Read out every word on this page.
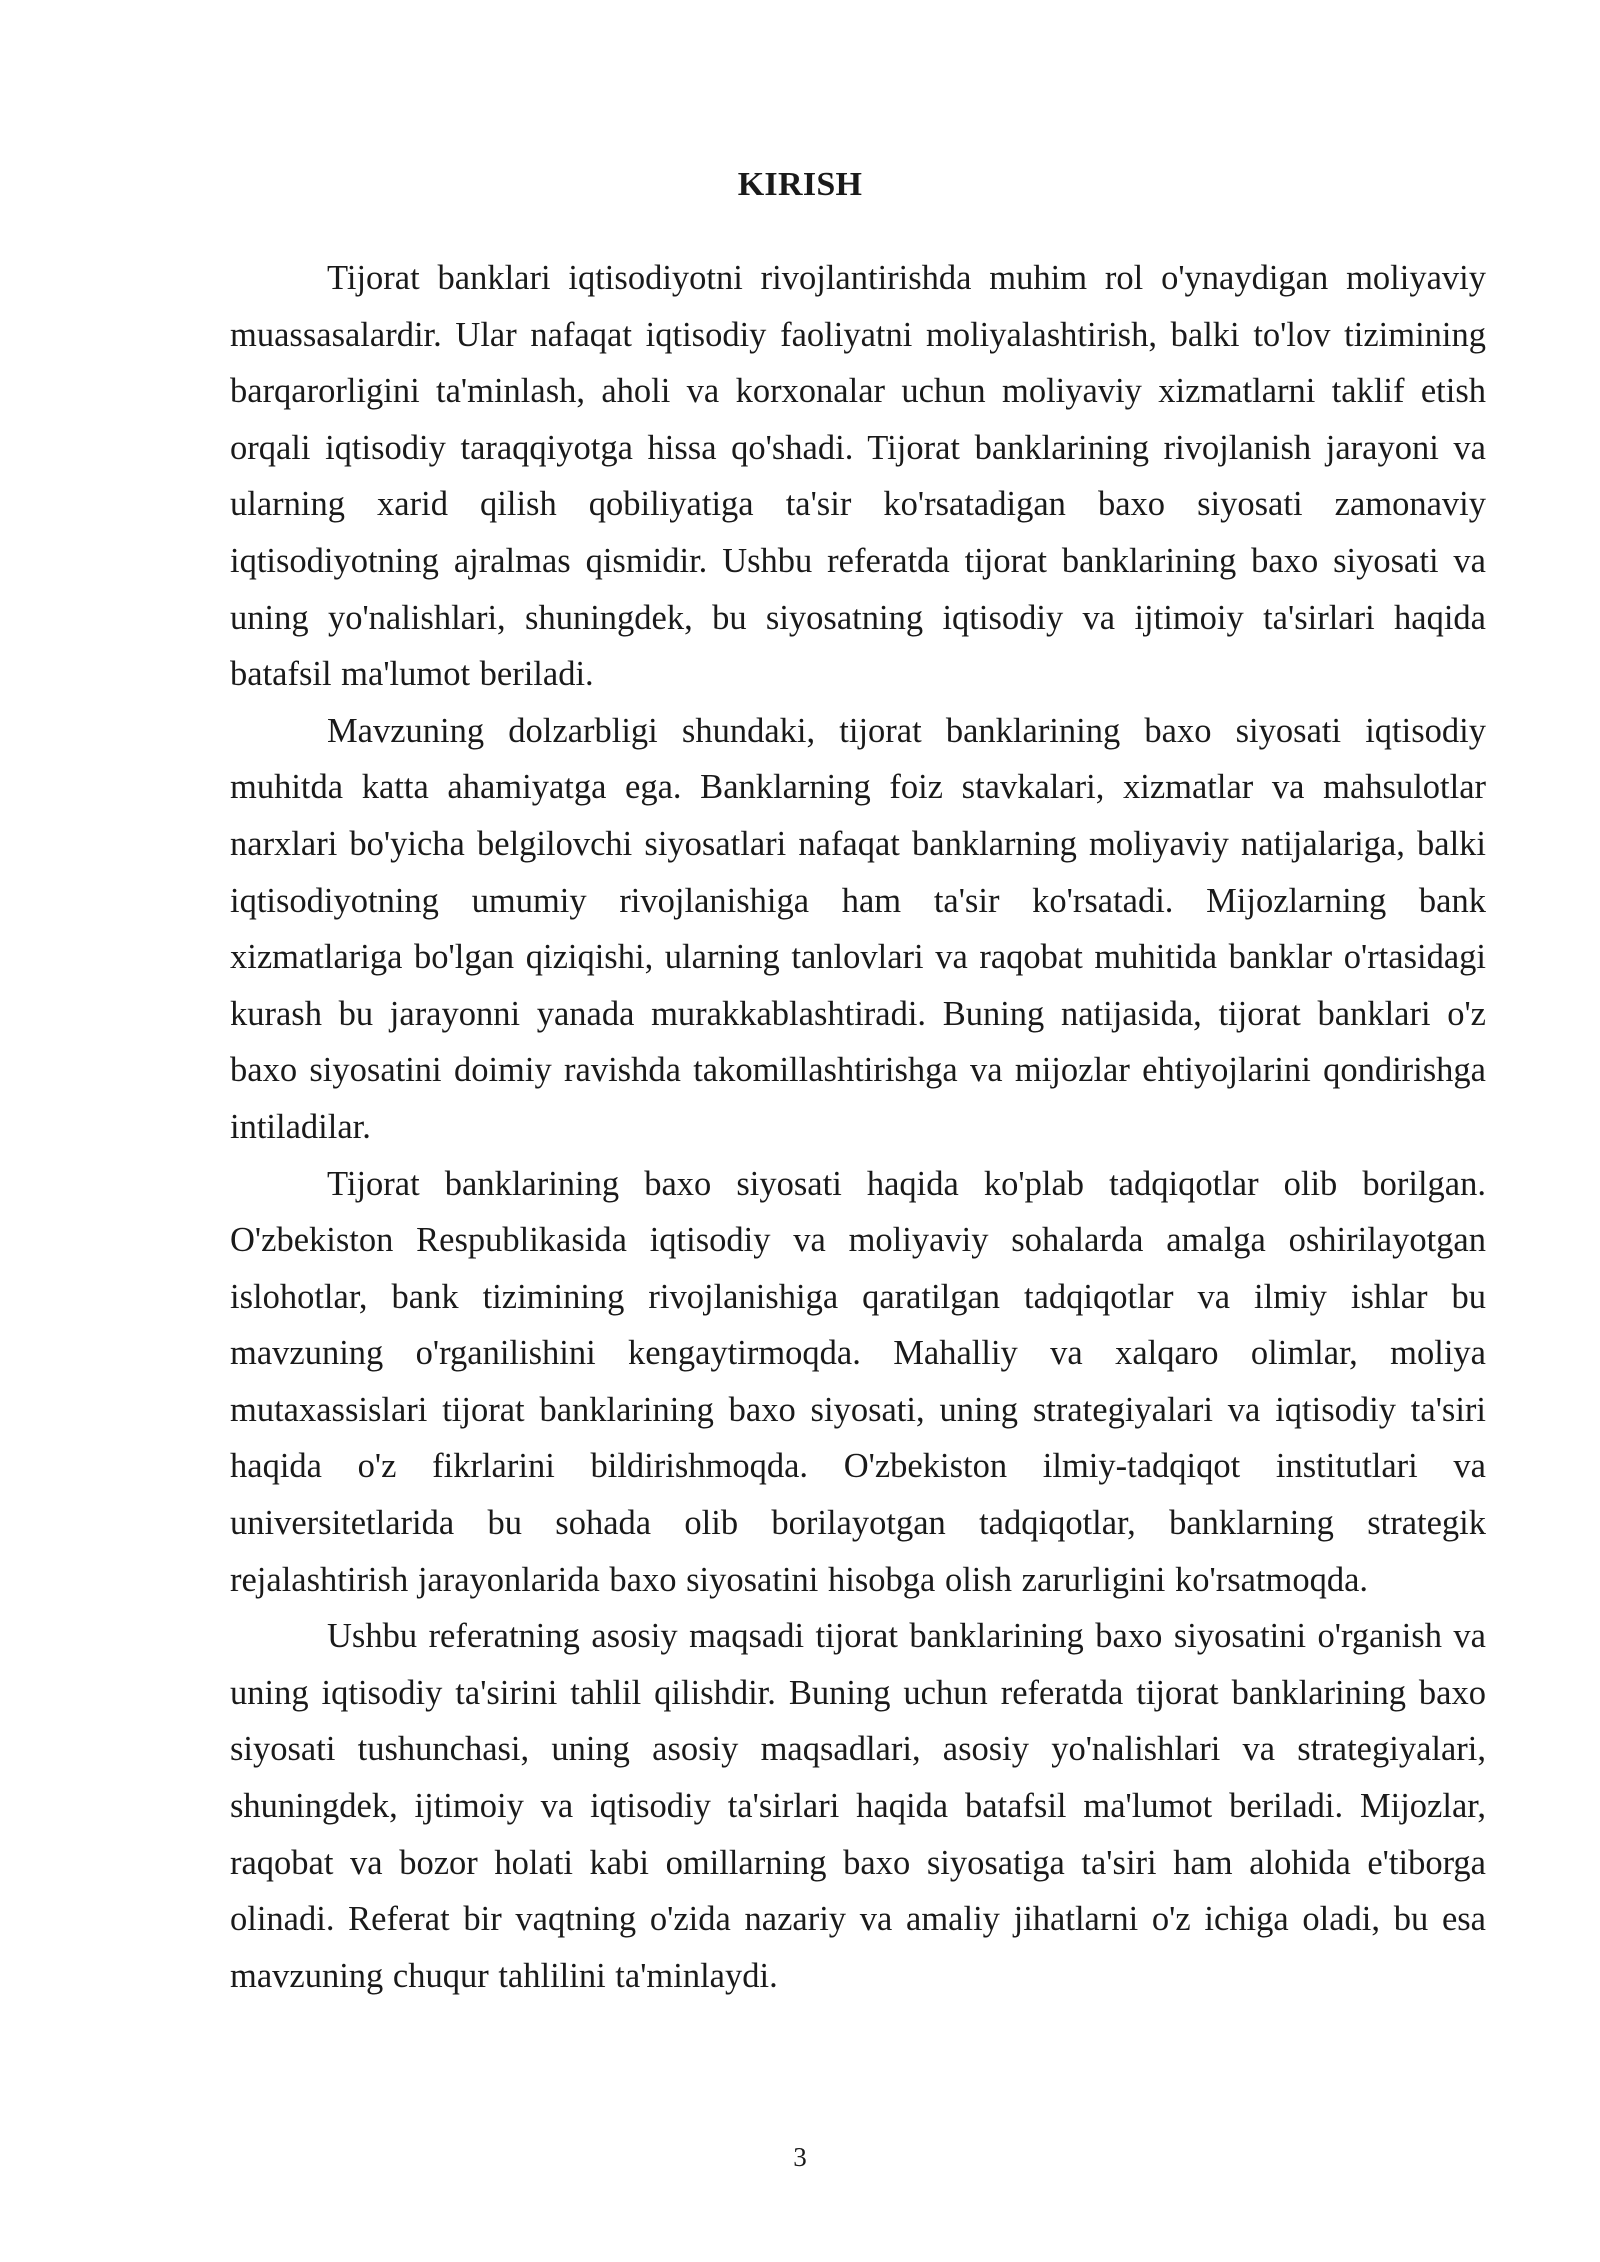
KIRISH

Tijorat banklari iqtisodiyotni rivojlantirishda muhim rol o'ynaydigan moliyaviy muassasalardir. Ular nafaqat iqtisodiy faoliyatni moliyalashtirish, balki to'lov tizimining barqarorligini ta'minlash, aholi va korxonalar uchun moliyaviy xizmatlarni taklif etish orqali iqtisodiy taraqqiyotga hissa qo'shadi. Tijorat banklarining rivojlanish jarayoni va ularning xarid qilish qobiliyatiga ta'sir ko'rsatadigan baxo siyosati zamonaviy iqtisodiyotning ajralmas qismidir. Ushbu referatda tijorat banklarining baxo siyosati va uning yo'nalishlari, shuningdek, bu siyosatning iqtisodiy va ijtimoiy ta'sirlari haqida batafsil ma'lumot beriladi.

Mavzuning dolzarbligi shundaki, tijorat banklarining baxo siyosati iqtisodiy muhitda katta ahamiyatga ega. Banklarning foiz stavkalari, xizmatlar va mahsulotlar narxlari bo'yicha belgilovchi siyosatlari nafaqat banklarning moliyaviy natijalariga, balki iqtisodiyotning umumiy rivojlanishiga ham ta'sir ko'rsatadi. Mijozlarning bank xizmatlariga bo'lgan qiziqishi, ularning tanlovlari va raqobat muhitida banklar o'rtasidagi kurash bu jarayonni yanada murakkablashtiradi. Buning natijasida, tijorat banklari o'z baxo siyosatini doimiy ravishda takomillashtirishga va mijozlar ehtiyojlarini qondirishga intiladilar.

Tijorat banklarining baxo siyosati haqida ko'plab tadqiqotlar olib borilgan. O'zbekiston Respublikasida iqtisodiy va moliyaviy sohalarda amalga oshirilayotgan islohotlar, bank tizimining rivojlanishiga qaratilgan tadqiqotlar va ilmiy ishlar bu mavzuning o'rganilishini kengaytirmoqda. Mahalliy va xalqaro olimlar, moliya mutaxassislari tijorat banklarining baxo siyosati, uning strategiyalari va iqtisodiy ta'siri haqida o'z fikrlarini bildirishmoqda. O'zbekiston ilmiy-tadqiqot institutlari va universitetlarida bu sohada olib borilayotgan tadqiqotlar, banklarning strategik rejalashtirish jarayonlarida baxo siyosatini hisobga olish zarurligini ko'rsatmoqda.

Ushbu referatning asosiy maqsadi tijorat banklarining baxo siyosatini o'rganish va uning iqtisodiy ta'sirini tahlil qilishdir. Buning uchun referatda tijorat banklarining baxo siyosati tushunchasi, uning asosiy maqsadlari, asosiy yo'nalishlari va strategiyalari, shuningdek, ijtimoiy va iqtisodiy ta'sirlari haqida batafsil ma'lumot beriladi. Mijozlar, raqobat va bozor holati kabi omillarning baxo siyosatiga ta'siri ham alohida e'tiborga olinadi. Referat bir vaqtning o'zida nazariy va amaliy jihatlarni o'z ichiga oladi, bu esa mavzuning chuqur tahlilini ta'minlaydi.

3
